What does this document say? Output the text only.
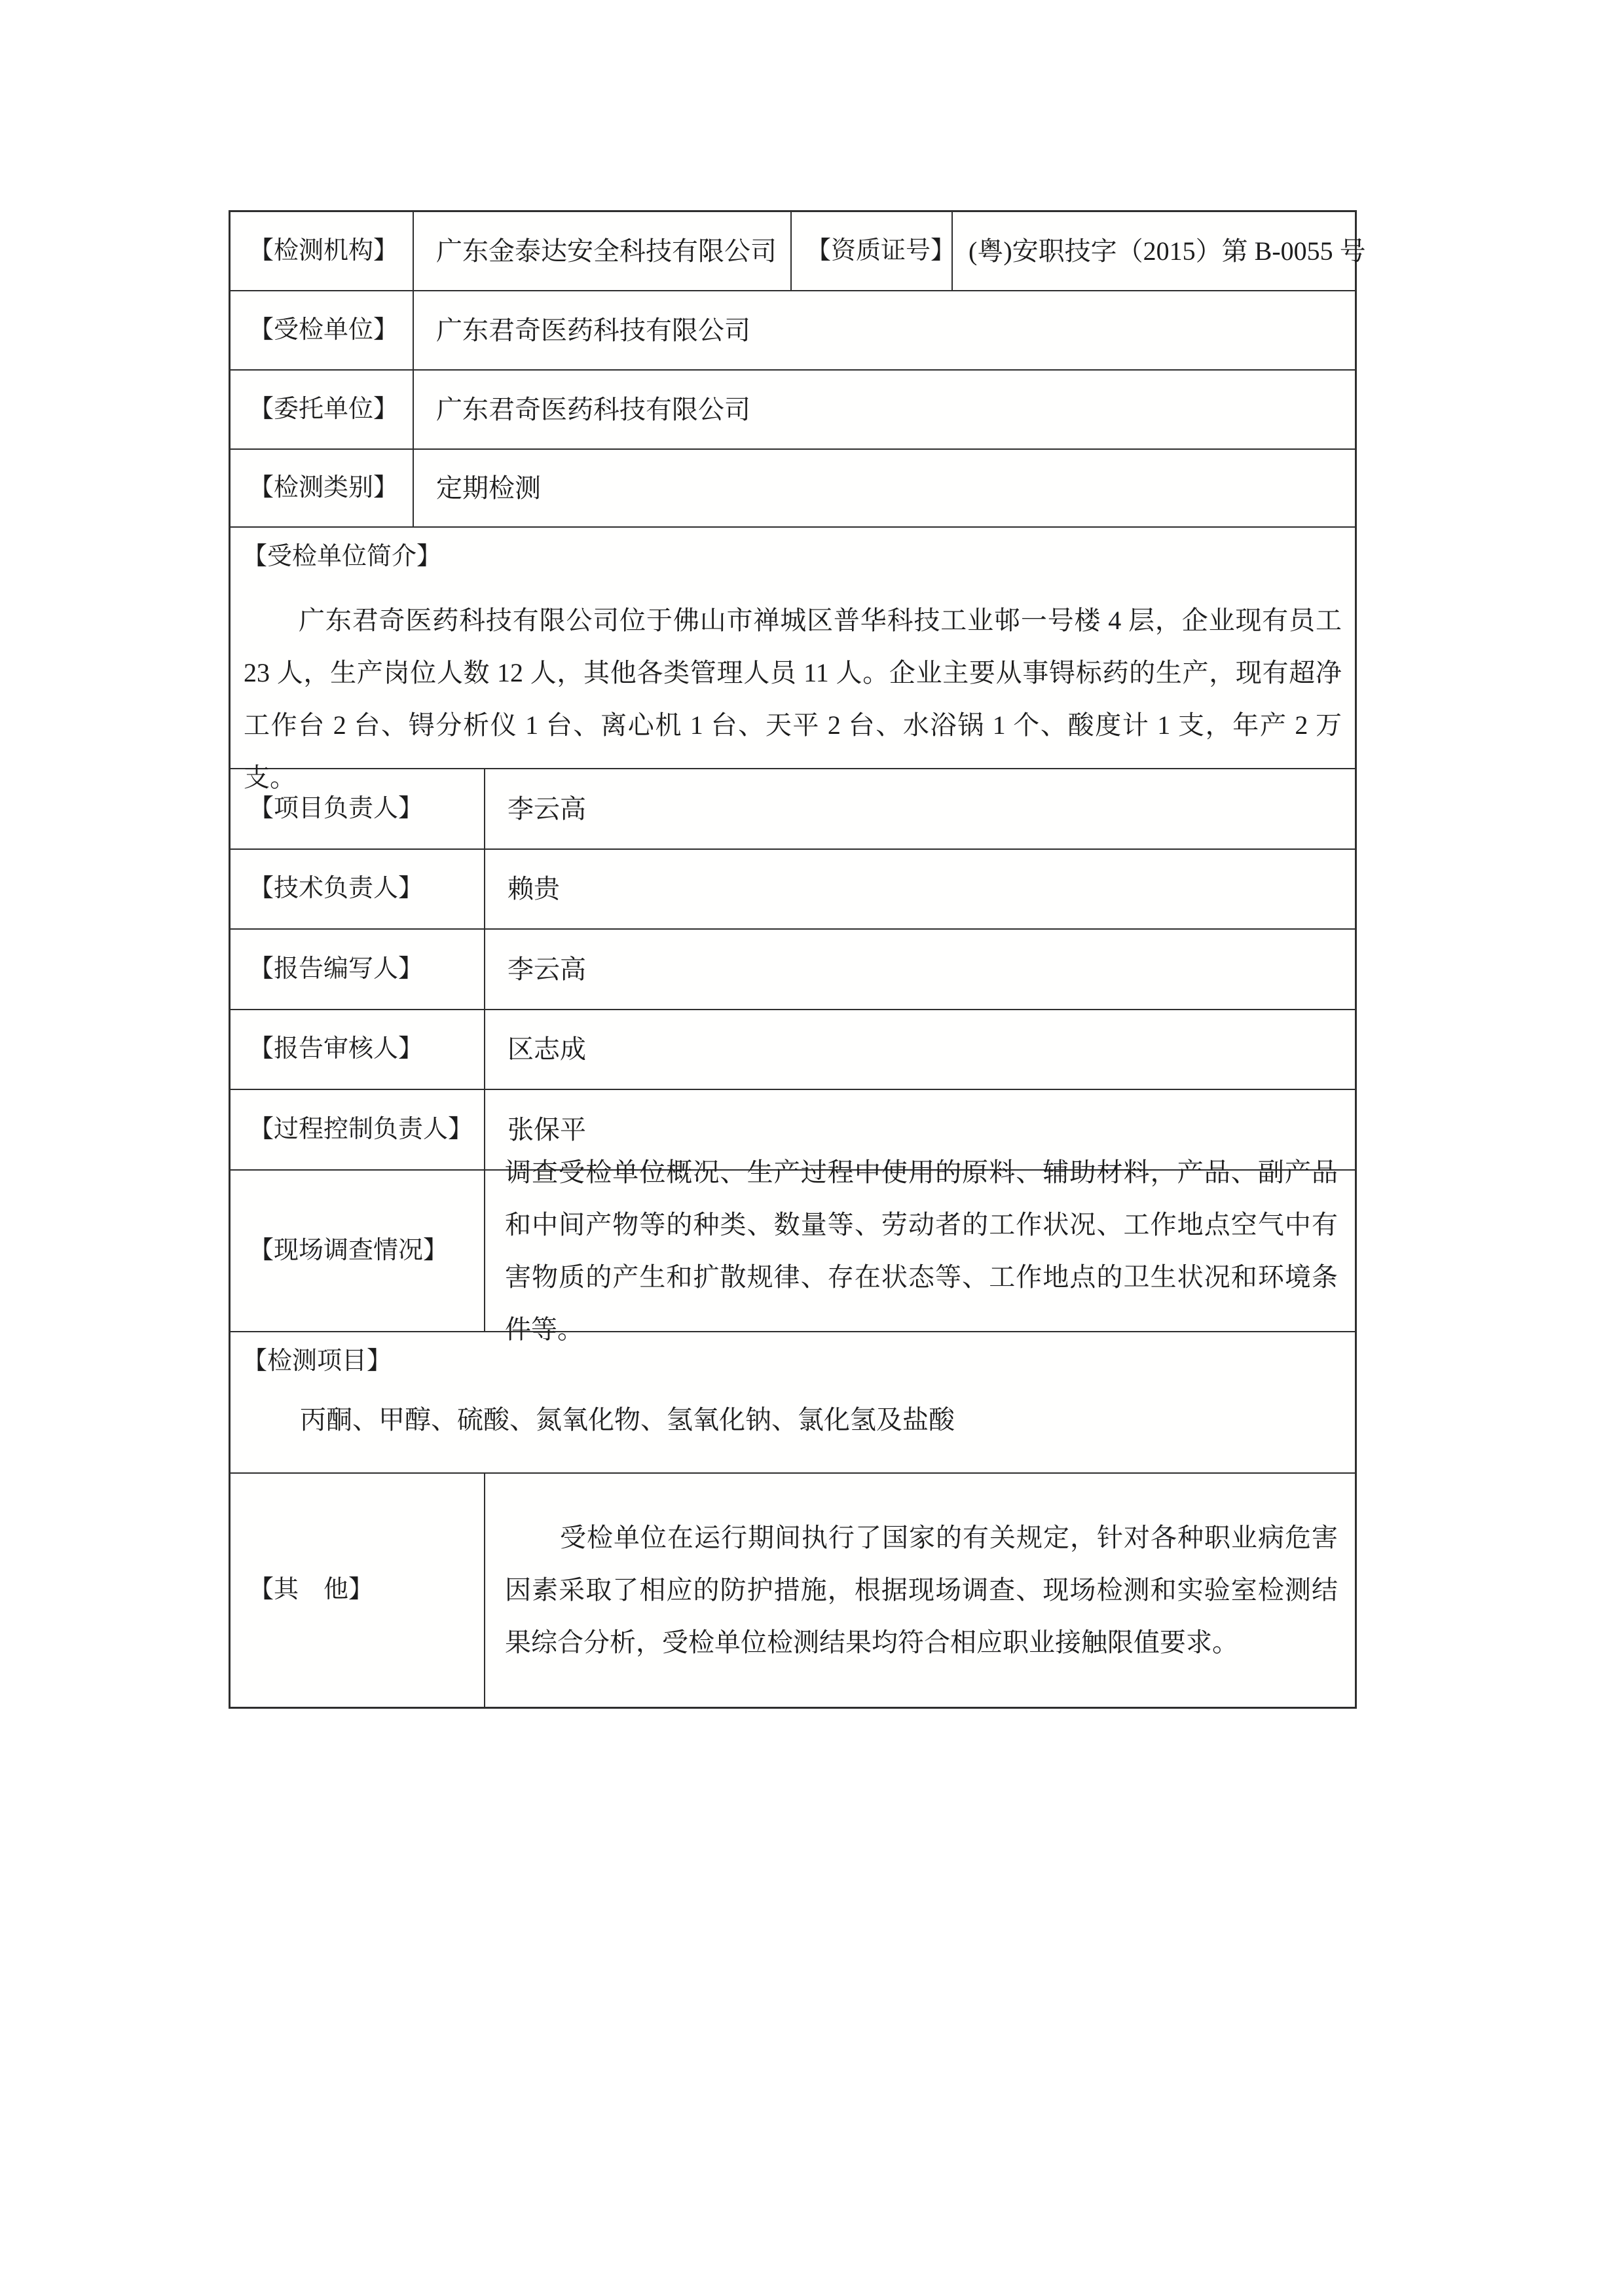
【检测机构】	广东金泰达安全科技有限公司	【资质证号】 (粤)安职技字（2015）第 B-0055 号
【受检单位】	广东君奇医药科技有限公司
【委托单位】	广东君奇医药科技有限公司
【检测类别】	定期检测
【受检单位简介】
广东君奇医药科技有限公司位于佛山市禅城区普华科技工业邨一号楼 4 层，企业现有员工 23 人，生产岗位人数 12 人，其他各类管理人员 11 人。企业主要从事锝标药的生产，现有超净工作台 2 台、锝分析仪 1 台、离心机 1 台、天平 2 台、水浴锅 1 个、酸度计 1 支，年产 2 万支。
【项目负责人】	李云高
【技术负责人】	赖贵
【报告编写人】	李云高
【报告审核人】	区志成
【过程控制负责人】	张保平
【现场调查情况】
调查受检单位概况、生产过程中使用的原料、辅助材料，产品、副产品和中间产物等的种类、数量等、劳动者的工作状况、工作地点空气中有害物质的产生和扩散规律、存在状态等、工作地点的卫生状况和环境条件等。
【检测项目】
丙酮、甲醇、硫酸、氮氧化物、氢氧化钠、氯化氢及盐酸
【其　他】
受检单位在运行期间执行了国家的有关规定，针对各种职业病危害因素采取了相应的防护措施，根据现场调查、现场检测和实验室检测结果综合分析，受检单位检测结果均符合相应职业接触限值要求。
